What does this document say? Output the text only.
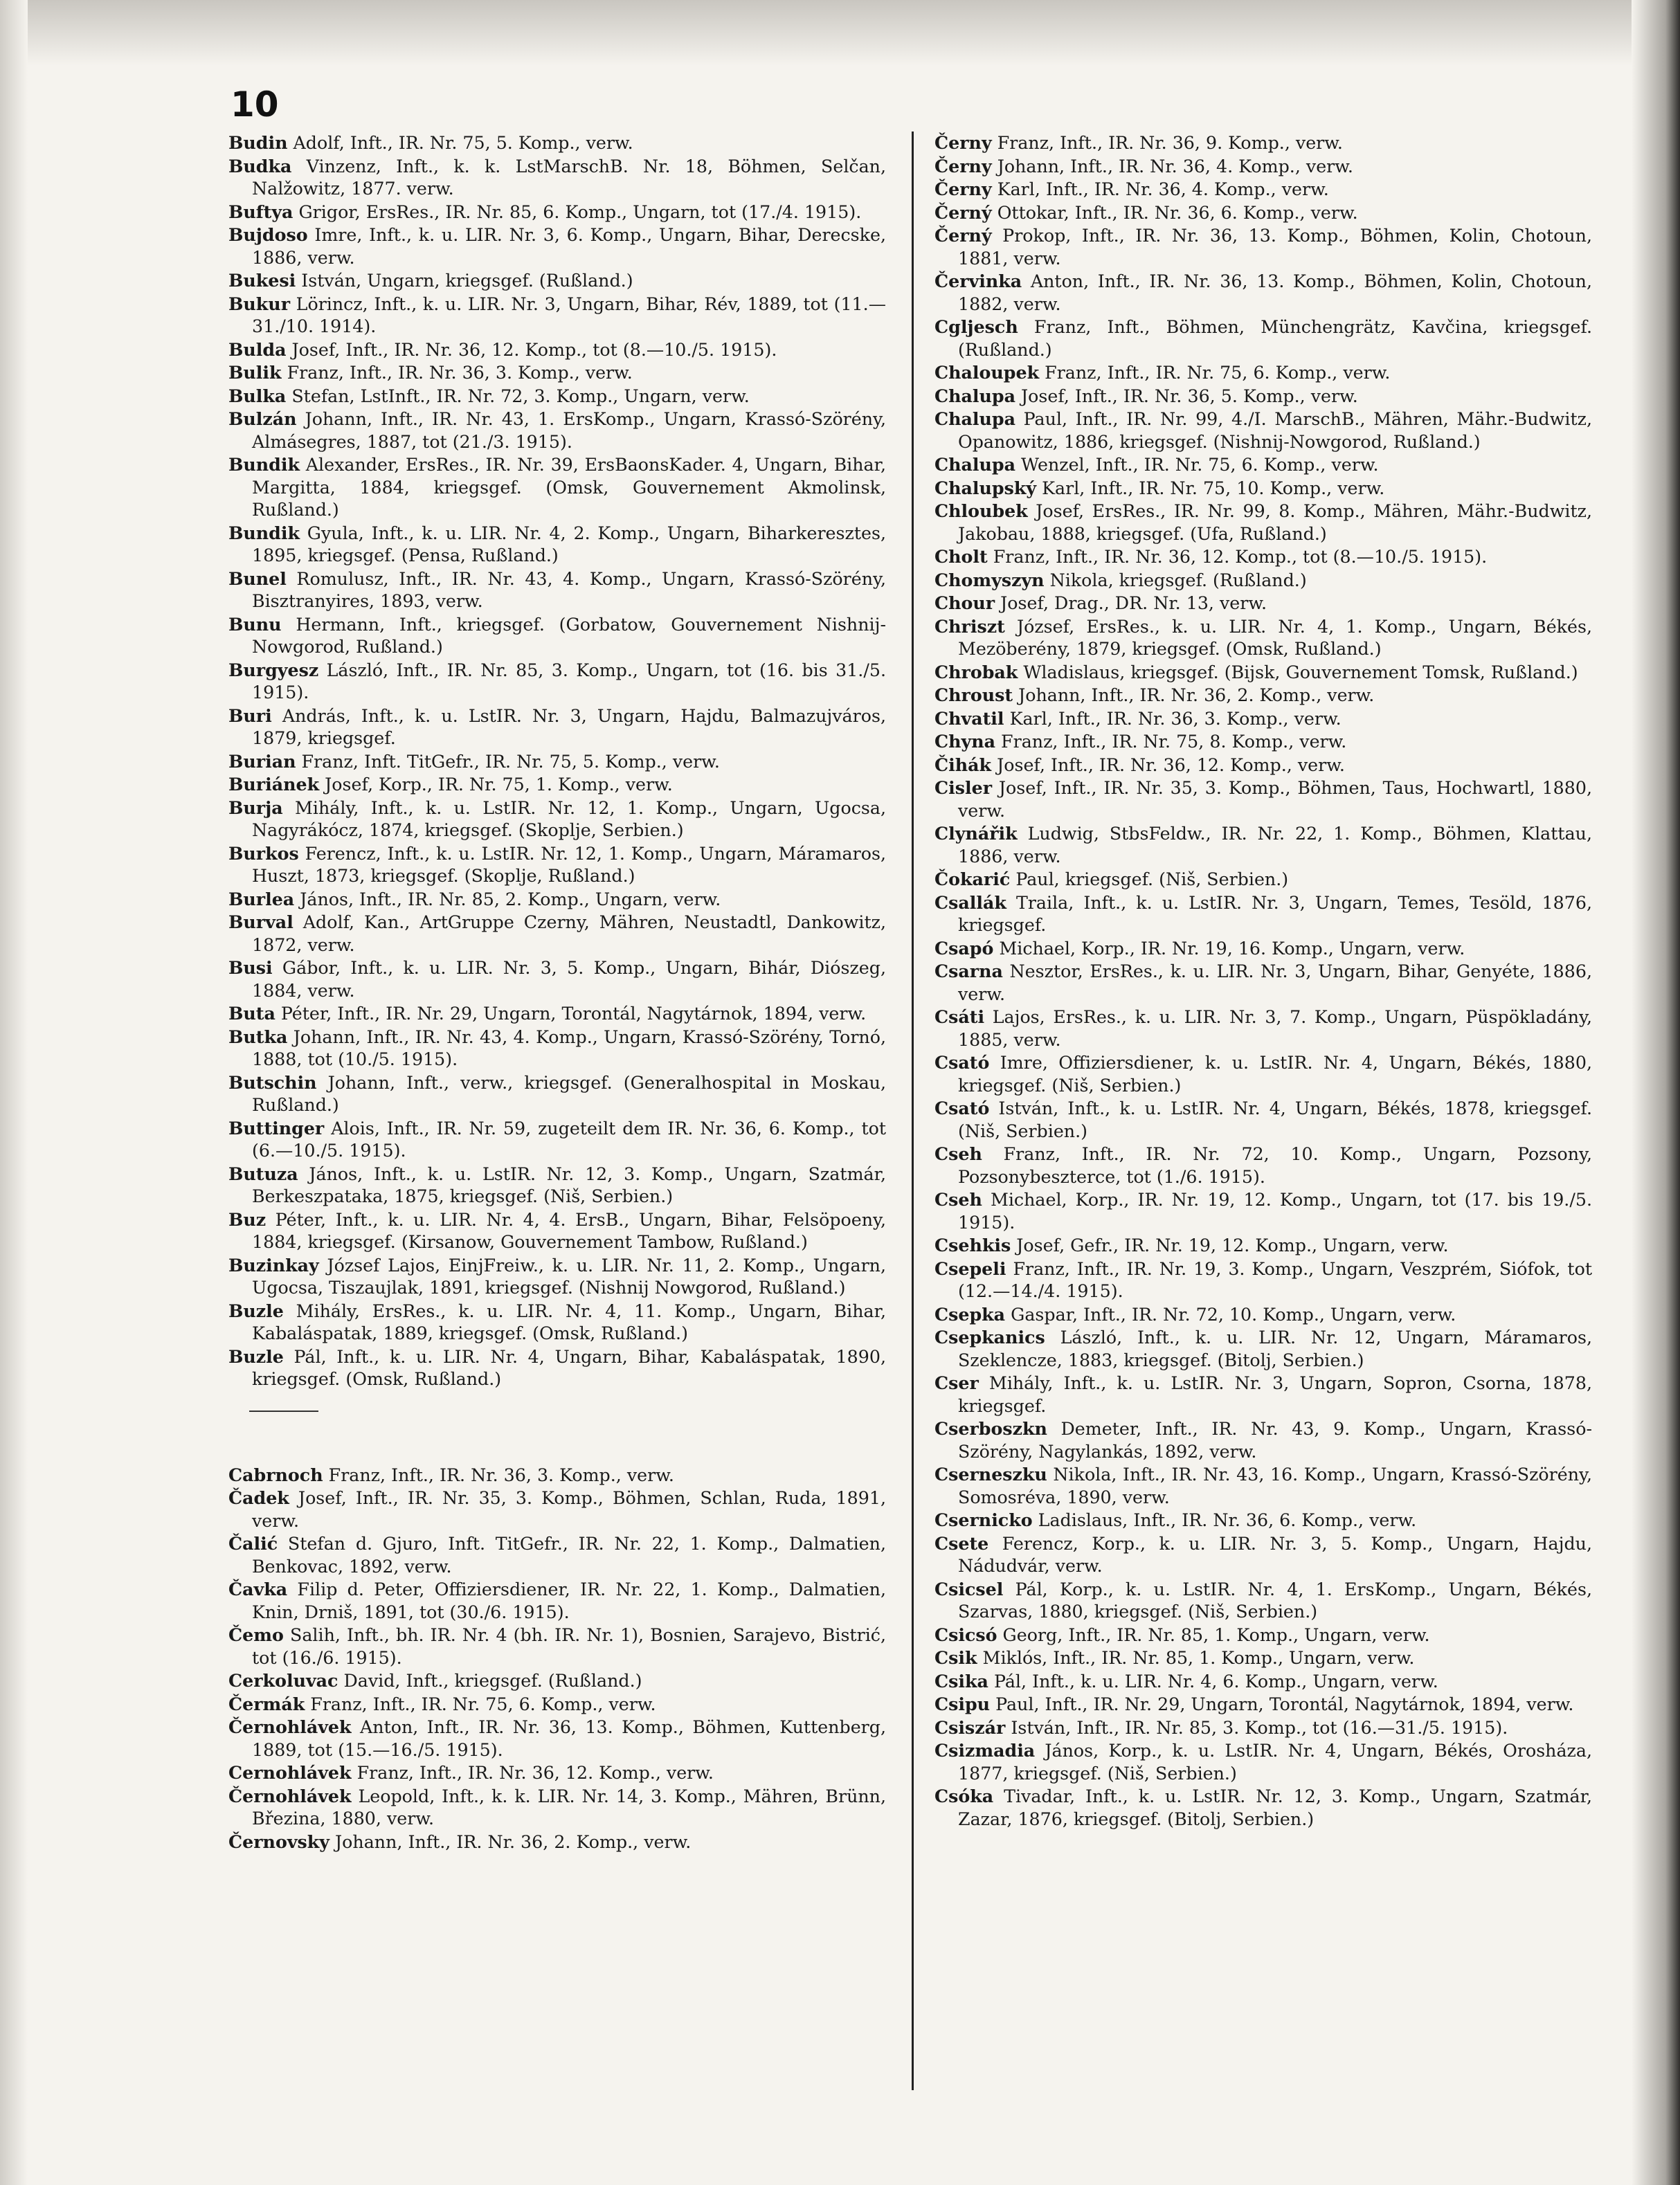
10
Budin Adolf, Inft., IR. Nr. 75, 5. Komp., verw.
Budka Vinzenz, Inft., k. k. LstMarschB. Nr. 18, Böhmen, Selčan, Nalžowitz, 1877. verw.
Buftya Grigor, ErsRes., IR. Nr. 85, 6. Komp., Ungarn, tot (17./4. 1915).
Bujdoso Imre, Inft., k. u. LIR. Nr. 3, 6. Komp., Ungarn, Bihar, Derecske, 1886, verw.
Bukesi István, Ungarn, kriegsgef. (Rußland.)
Bukur Lörincz, Inft., k. u. LIR. Nr. 3, Ungarn, Bihar, Rév, 1889, tot (11.—31./10. 1914).
Bulda Josef, Inft., IR. Nr. 36, 12. Komp., tot (8.—10./5. 1915).
Bulik Franz, Inft., IR. Nr. 36, 3. Komp., verw.
Bulka Stefan, LstInft., IR. Nr. 72, 3. Komp., Ungarn, verw.
Bulzán Johann, Inft., IR. Nr. 43, 1. ErsKomp., Ungarn, Krassó-Szörény, Almásegres, 1887, tot (21./3. 1915).
Bundik Alexander, ErsRes., IR. Nr. 39, ErsBaonsKader. 4, Ungarn, Bihar, Margitta, 1884, kriegsgef. (Omsk, Gouvernement Akmolinsk, Rußland.)
Bundik Gyula, Inft., k. u. LIR. Nr. 4, 2. Komp., Ungarn, Biharkeresztes, 1895, kriegsgef. (Pensa, Rußland.)
Bunel Romulusz, Inft., IR. Nr. 43, 4. Komp., Ungarn, Krassó-Szörény, Bisztranyires, 1893, verw.
Bunu Hermann, Inft., kriegsgef. (Gorbatow, Gouvernement Nishnij-Nowgorod, Rußland.)
Burgyesz László, Inft., IR. Nr. 85, 3. Komp., Ungarn, tot (16. bis 31./5. 1915).
Buri András, Inft., k. u. LstIR. Nr. 3, Ungarn, Hajdu, Balmazujváros, 1879, kriegsgef.
Burian Franz, Inft. TitGefr., IR. Nr. 75, 5. Komp., verw.
Buriánek Josef, Korp., IR. Nr. 75, 1. Komp., verw.
Burja Mihály, Inft., k. u. LstIR. Nr. 12, 1. Komp., Ungarn, Ugocsa, Nagyrákócz, 1874, kriegsgef. (Skoplje, Serbien.)
Burkos Ferencz, Inft., k. u. LstIR. Nr. 12, 1. Komp., Ungarn, Máramaros, Huszt, 1873, kriegsgef. (Skoplje, Rußland.)
Burlea János, Inft., IR. Nr. 85, 2. Komp., Ungarn, verw.
Burval Adolf, Kan., ArtGruppe Czerny, Mähren, Neustadtl, Dankowitz, 1872, verw.
Busi Gábor, Inft., k. u. LIR. Nr. 3, 5. Komp., Ungarn, Bihár, Diószeg, 1884, verw.
Buta Péter, Inft., IR. Nr. 29, Ungarn, Torontál, Nagytárnok, 1894, verw.
Butka Johann, Inft., IR. Nr. 43, 4. Komp., Ungarn, Krassó-Szörény, Tornó, 1888, tot (10./5. 1915).
Butschin Johann, Inft., verw., kriegsgef. (Generalhospital in Moskau, Rußland.)
Buttinger Alois, Inft., IR. Nr. 59, zugeteilt dem IR. Nr. 36, 6. Komp., tot (6.—10./5. 1915).
Butuza János, Inft., k. u. LstIR. Nr. 12, 3. Komp., Ungarn, Szatmár, Berkeszpataka, 1875, kriegsgef. (Niš, Serbien.)
Buz Péter, Inft., k. u. LIR. Nr. 4, 4. ErsB., Ungarn, Bihar, Felsöpoeny, 1884, kriegsgef. (Kirsanow, Gouvernement Tambow, Rußland.)
Buzinkay József Lajos, EinjFreiw., k. u. LIR. Nr. 11, 2. Komp., Ungarn, Ugocsa, Tiszaujlak, 1891, kriegsgef. (Nishnij Nowgorod, Rußland.)
Buzle Mihály, ErsRes., k. u. LIR. Nr. 4, 11. Komp., Ungarn, Bihar, Kabaláspatak, 1889, kriegsgef. (Omsk, Rußland.)
Buzle Pál, Inft., k. u. LIR. Nr. 4, Ungarn, Bihar, Kabaláspatak, 1890, kriegsgef. (Omsk, Rußland.)
Cabrnoch Franz, Inft., IR. Nr. 36, 3. Komp., verw.
Čadek Josef, Inft., IR. Nr. 35, 3. Komp., Böhmen, Schlan, Ruda, 1891, verw.
Čalić Stefan d. Gjuro, Inft. TitGefr., IR. Nr. 22, 1. Komp., Dalmatien, Benkovac, 1892, verw.
Čavka Filip d. Peter, Offiziersdiener, IR. Nr. 22, 1. Komp., Dalmatien, Knin, Drniš, 1891, tot (30./6. 1915).
Čemo Salih, Inft., bh. IR. Nr. 4 (bh. IR. Nr. 1), Bosnien, Sarajevo, Bistrić, tot (16./6. 1915).
Cerkoluvac David, Inft., kriegsgef. (Rußland.)
Čermák Franz, Inft., IR. Nr. 75, 6. Komp., verw.
Černohlávek Anton, Inft., IR. Nr. 36, 13. Komp., Böhmen, Kuttenberg, 1889, tot (15.—16./5. 1915).
Cernohlávek Franz, Inft., IR. Nr. 36, 12. Komp., verw.
Černohlávek Leopold, Inft., k. k. LIR. Nr. 14, 3. Komp., Mähren, Brünn, Březina, 1880, verw.
Černovsky Johann, Inft., IR. Nr. 36, 2. Komp., verw.
Černy Franz, Inft., IR. Nr. 36, 9. Komp., verw.
Černy Johann, Inft., IR. Nr. 36, 4. Komp., verw.
Černy Karl, Inft., IR. Nr. 36, 4. Komp., verw.
Černý Ottokar, Inft., IR. Nr. 36, 6. Komp., verw.
Černý Prokop, Inft., IR. Nr. 36, 13. Komp., Böhmen, Kolin, Chotoun, 1881, verw.
Červinka Anton, Inft., IR. Nr. 36, 13. Komp., Böhmen, Kolin, Chotoun, 1882, verw.
Cgljesch Franz, Inft., Böhmen, Münchengrätz, Kavčina, kriegsgef. (Rußland.)
Chaloupek Franz, Inft., IR. Nr. 75, 6. Komp., verw.
Chalupa Josef, Inft., IR. Nr. 36, 5. Komp., verw.
Chalupa Paul, Inft., IR. Nr. 99, 4./I. MarschB., Mähren, Mähr.-Budwitz, Opanowitz, 1886, kriegsgef. (Nishnij-Nowgorod, Rußland.)
Chalupa Wenzel, Inft., IR. Nr. 75, 6. Komp., verw.
Chalupský Karl, Inft., IR. Nr. 75, 10. Komp., verw.
Chloubek Josef, ErsRes., IR. Nr. 99, 8. Komp., Mähren, Mähr.-Budwitz, Jakobau, 1888, kriegsgef. (Ufa, Rußland.)
Cholt Franz, Inft., IR. Nr. 36, 12. Komp., tot (8.—10./5. 1915).
Chomyszyn Nikola, kriegsgef. (Rußland.)
Chour Josef, Drag., DR. Nr. 13, verw.
Chriszt József, ErsRes., k. u. LIR. Nr. 4, 1. Komp., Ungarn, Békés, Mezöberény, 1879, kriegsgef. (Omsk, Rußland.)
Chrobak Wladislaus, kriegsgef. (Bijsk, Gouvernement Tomsk, Rußland.)
Chroust Johann, Inft., IR. Nr. 36, 2. Komp., verw.
Chvatil Karl, Inft., IR. Nr. 36, 3. Komp., verw.
Chyna Franz, Inft., IR. Nr. 75, 8. Komp., verw.
Čihák Josef, Inft., IR. Nr. 36, 12. Komp., verw.
Cisler Josef, Inft., IR. Nr. 35, 3. Komp., Böhmen, Taus, Hochwartl, 1880, verw.
Clynářik Ludwig, StbsFeldw., IR. Nr. 22, 1. Komp., Böhmen, Klattau, 1886, verw.
Čokarić Paul, kriegsgef. (Niš, Serbien.)
Csallák Traila, Inft., k. u. LstIR. Nr. 3, Ungarn, Temes, Tesöld, 1876, kriegsgef.
Csapó Michael, Korp., IR. Nr. 19, 16. Komp., Ungarn, verw.
Csarna Nesztor, ErsRes., k. u. LIR. Nr. 3, Ungarn, Bihar, Genyéte, 1886, verw.
Csáti Lajos, ErsRes., k. u. LIR. Nr. 3, 7. Komp., Ungarn, Püspökladány, 1885, verw.
Csató Imre, Offiziersdiener, k. u. LstIR. Nr. 4, Ungarn, Békés, 1880, kriegsgef. (Niš, Serbien.)
Csató István, Inft., k. u. LstIR. Nr. 4, Ungarn, Békés, 1878, kriegsgef. (Niš, Serbien.)
Cseh Franz, Inft., IR. Nr. 72, 10. Komp., Ungarn, Pozsony, Pozsonybeszterce, tot (1./6. 1915).
Cseh Michael, Korp., IR. Nr. 19, 12. Komp., Ungarn, tot (17. bis 19./5. 1915).
Csehkis Josef, Gefr., IR. Nr. 19, 12. Komp., Ungarn, verw.
Csepeli Franz, Inft., IR. Nr. 19, 3. Komp., Ungarn, Veszprém, Siófok, tot (12.—14./4. 1915).
Csepka Gaspar, Inft., IR. Nr. 72, 10. Komp., Ungarn, verw.
Csepkanics László, Inft., k. u. LIR. Nr. 12, Ungarn, Máramaros, Szeklencze, 1883, kriegsgef. (Bitolj, Serbien.)
Cser Mihály, Inft., k. u. LstIR. Nr. 3, Ungarn, Sopron, Csorna, 1878, kriegsgef.
Cserboszkn Demeter, Inft., IR. Nr. 43, 9. Komp., Ungarn, Krassó-Szörény, Nagylankás, 1892, verw.
Cserneszku Nikola, Inft., IR. Nr. 43, 16. Komp., Ungarn, Krassó-Szörény, Somosréva, 1890, verw.
Csernicko Ladislaus, Inft., IR. Nr. 36, 6. Komp., verw.
Csete Ferencz, Korp., k. u. LIR. Nr. 3, 5. Komp., Ungarn, Hajdu, Nádudvár, verw.
Csicsel Pál, Korp., k. u. LstIR. Nr. 4, 1. ErsKomp., Ungarn, Békés, Szarvas, 1880, kriegsgef. (Niš, Serbien.)
Csicsó Georg, Inft., IR. Nr. 85, 1. Komp., Ungarn, verw.
Csik Miklós, Inft., IR. Nr. 85, 1. Komp., Ungarn, verw.
Csika Pál, Inft., k. u. LIR. Nr. 4, 6. Komp., Ungarn, verw.
Csipu Paul, Inft., IR. Nr. 29, Ungarn, Torontál, Nagytárnok, 1894, verw.
Csiszár István, Inft., IR. Nr. 85, 3. Komp., tot (16.—31./5. 1915).
Csizmadia János, Korp., k. u. LstIR. Nr. 4, Ungarn, Békés, Orosháza, 1877, kriegsgef. (Niš, Serbien.)
Csóka Tivadar, Inft., k. u. LstIR. Nr. 12, 3. Komp., Ungarn, Szatmár, Zazar, 1876, kriegsgef. (Bitolj, Serbien.)
